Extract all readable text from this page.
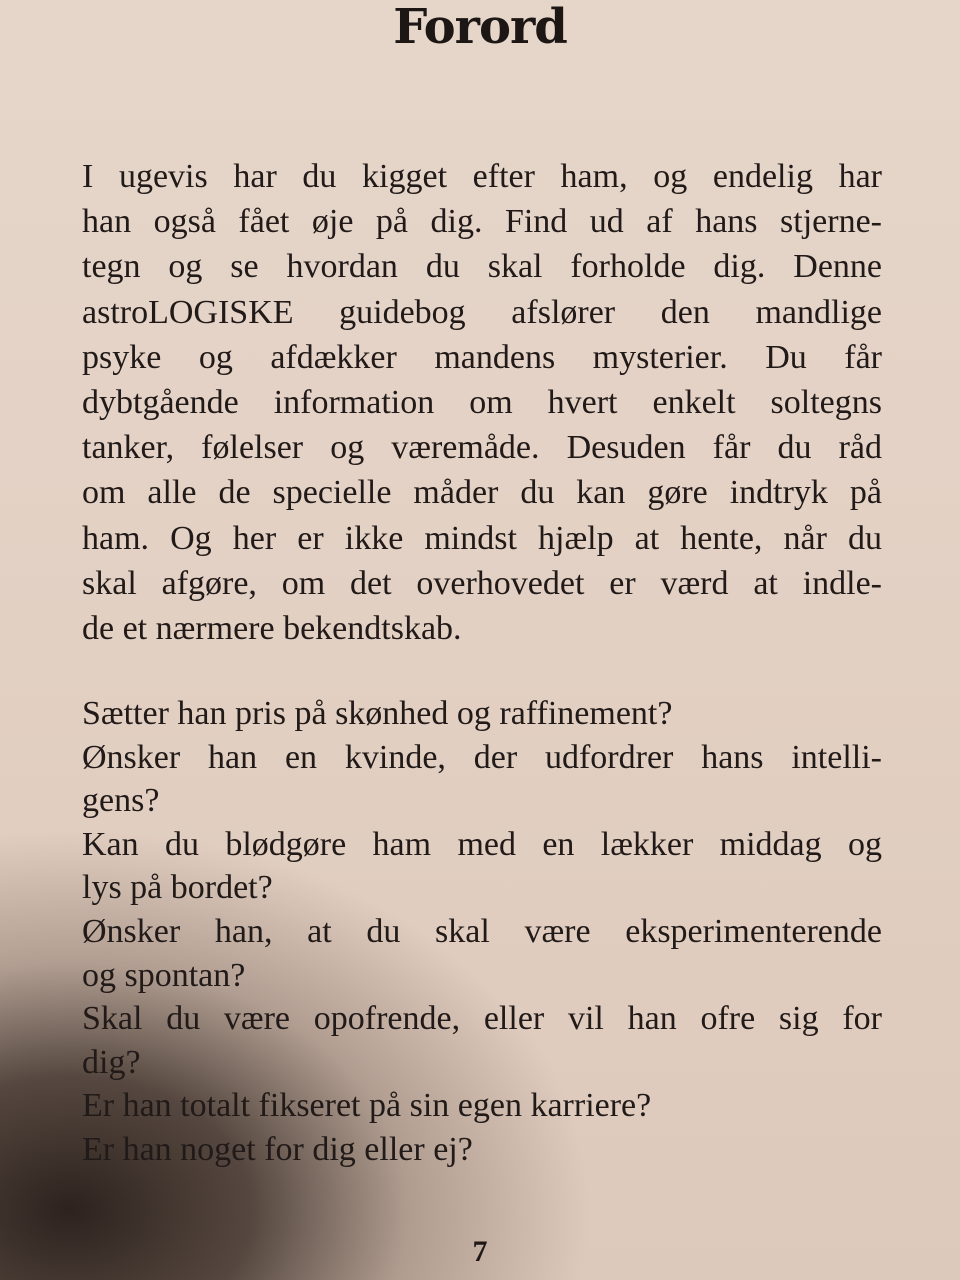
Forord
I ugevis har du kigget efter ham, og endelig har
han også fået øje på dig. Find ud af hans stjerne-
tegn og se hvordan du skal forholde dig. Denne
astroLOGISKE guidebog afslører den mandlige
psyke og afdækker mandens mysterier. Du får
dybtgående information om hvert enkelt soltegns
tanker, følelser og væremåde. Desuden får du råd
om alle de specielle måder du kan gøre indtryk på
ham. Og her er ikke mindst hjælp at hente, når du
skal afgøre, om det overhovedet er værd at indle-
de et nærmere bekendtskab.
Sætter han pris på skønhed og raffinement?
Ønsker han en kvinde, der udfordrer hans intelli-
gens?
Kan du blødgøre ham med en lækker middag og
lys på bordet?
Ønsker han, at du skal være eksperimenterende
og spontan?
Skal du være opofrende, eller vil han ofre sig for
dig?
Er han totalt fikseret på sin egen karriere?
Er han noget for dig eller ej?
7
